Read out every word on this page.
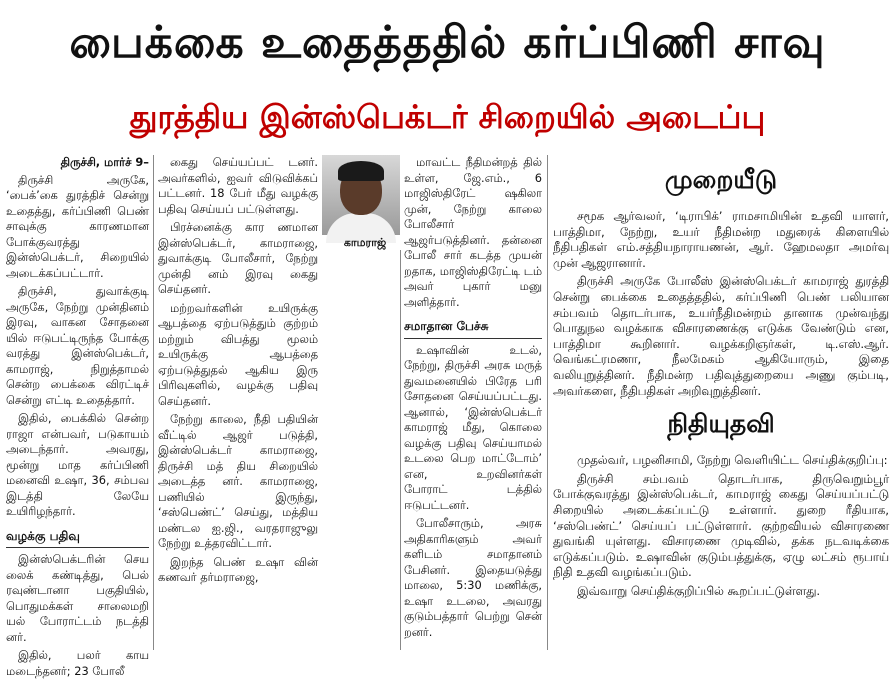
பைக்கை உதைத்ததில் கர்ப்பிணி சாவு
துரத்திய இன்ஸ்பெக்டர் சிறையில் அடைப்பு
திருச்சி, மார்ச் 9–

திருச்சி அருகே, ‘பைக்’கை துரத்திச் சென்று உதைத்து, கர்ப்பிணி பெண் சாவுக்கு காரணமான போக்குவரத்து இன்ஸ்பெக்டர், சிறையில் அடைக்கப்பட்டார்.

திருச்சி, துவாக்குடி அருகே, நேற்று முன்தினம் இரவு, வாகன சோதனை யில் ஈடுபட்டிருந்த போக்கு வரத்து இன்ஸ்பெக்டர், காமராஜ், நிறுத்தாமல் சென்ற பைக்கை விரட்டிச் சென்று எட்டி உதைத்தார்.

இதில், பைக்கில் சென்ற ராஜா என்பவர், படுகாயம் அடைந்தார். அவரது, மூன்று மாத கர்ப்பிணி மனைவி உஷா, 36, சம்பவ இடத்தி லேயே உயிரிழந்தார்.

வழக்கு பதிவு

இன்ஸ்பெக்டரின் செய லைக் கண்டித்து, பெல் ரவுண்டானா பகுதியில், பொதுமக்கள் சாலைமறி யல் போராட்டம் நடத்தி னர்.

இதில், பலர் காய மடைந்தனர்; 23 போலீ

கைது செய்யப்பட் டனர். அவர்களில், ஐவர் விடுவிக்கப் பட்டனர். 18 பேர் மீது வழக்கு பதிவு செய்யப் பட்டுள்ளது.

பிரச்னைக்கு கார ணமான இன்ஸ்பெக்டர், காமராஜை, துவாக்குடி போலீசார், நேற்று முன்தி னம் இரவு கைது செய்தனர்.

மற்றவர்களின் உயிருக்கு ஆபத்தை ஏற்படுத்தும் குற்றம் மற்றும் விபத்து மூலம் உயிருக்கு ஆபத்தை ஏற்படுத்துதல் ஆகிய இரு பிரிவுகளில், வழக்கு பதிவு செய்தனர்.

நேற்று காலை, நீதி பதியின் வீட்டில் ஆஜர் படுத்தி, இன்ஸ்பெக்டர் காமராஜை, திருச்சி மத் திய சிறையில் அடைத்த னர். காமராஜை, பணியில் இருந்து, ‘சஸ்பெண்ட்’ செய்து, மத்திய மண்டல ஐ.ஜி., வரதராஜுலு நேற்று உத்தரவிட்டார்.

இறந்த பெண் உஷா வின் கணவர் தர்மராஜை,

காமராஜ்

மாவட்ட நீதிமன்றத் தில் உள்ள, ஜே.எம்., 6 மாஜிஸ்திரேட் ஷகிலா முன், நேற்று காலை போலீசார் ஆஜர்படுத்தினர். தன்னை போலீ சார் கடத்த முயன் றதாக, மாஜிஸ்திரேட்டி டம் அவர் புகார் மனு அளித்தார்.

சமாதான பேச்சு

உஷாவின் உடல், நேற்று, திருச்சி அரசு மருத் துவமனையில் பிரேத பரி சோதனை செய்யப்பட்டது. ஆனால், ‘இன்ஸ்பெக்டர் காமராஜ் மீது, கொலை வழக்கு பதிவு செய்யாமல் உடலை பெற மாட்டோம்’ என, உறவினர்கள் போராட் டத்தில் ஈடுபட்டனர்.

போலீசாரும், அரசு அதிகாரிகளும் அவர் களிடம் சமாதானம் பேசினர். இதையடுத்து மாலை, 5:30 மணிக்கு, உஷா உடலை, அவரது குடும்பத்தார் பெற்று சென் றனர்.

முறையீடு

சமூக ஆர்வலர், ‘டிராபிக்’ ராமசாமியின் உதவி யாளர், பாத்திமா, நேற்று, உயர் நீதிமன்ற மதுரைக் கிளையில் நீதிபதிகள் எம்.சத்தியநாராயணன், ஆர். ஹேமலதா அமர்வு முன் ஆஜரானார்.

திருச்சி அருகே போலீஸ் இன்ஸ்பெக்டர் காமராஜ் துரத்தி சென்று பைக்கை உதைத்ததில், கர்ப்பிணி பெண் பலியான சம்பவம் தொடர்பாக, உயர்நீதிமன்றம் தானாக முன்வந்து பொதுநல வழக்காக விசாரணைக்கு எடுக்க வேண்டும் என, பாத்திமா கூறினார். வழக்கறிஞர்கள், டி.எஸ்.ஆர். வெங்கட்ரமணா, நீலமேகம் ஆகியோரும், இதை வலியுறுத்தினர். நீதிமன்ற பதிவுத்துறையை அணு கும்படி, அவர்களை, நீதிபதிகள் அறிவுறுத்தினர்.

நிதியுதவி

முதல்வர், பழனிசாமி, நேற்று வெளியிட்ட செய்திக்குறிப்பு:

திருச்சி சம்பவம் தொடர்பாக, திருவெறும்பூர் போக்குவரத்து இன்ஸ்பெக்டர், காமராஜ் கைது செய்யப்பட்டு சிறையில் அடைக்கப்பட்டு உள்ளார். துறை ரீதியாக, ‘சஸ்பெண்ட்’ செய்யப் பட்டுள்ளார். குற்றவியல் விசாரணை துவங்கி யுள்ளது. விசாரணை முடிவில், தக்க நடவடிக்கை எடுக்கப்படும். உஷாவின் குடும்பத்துக்கு, ஏழு லட்சம் ரூபாய் நிதி உதவி வழங்கப்படும்.

இவ்வாறு செய்திக்குறிப்பில் கூறப்பட்டுள்ளது.
